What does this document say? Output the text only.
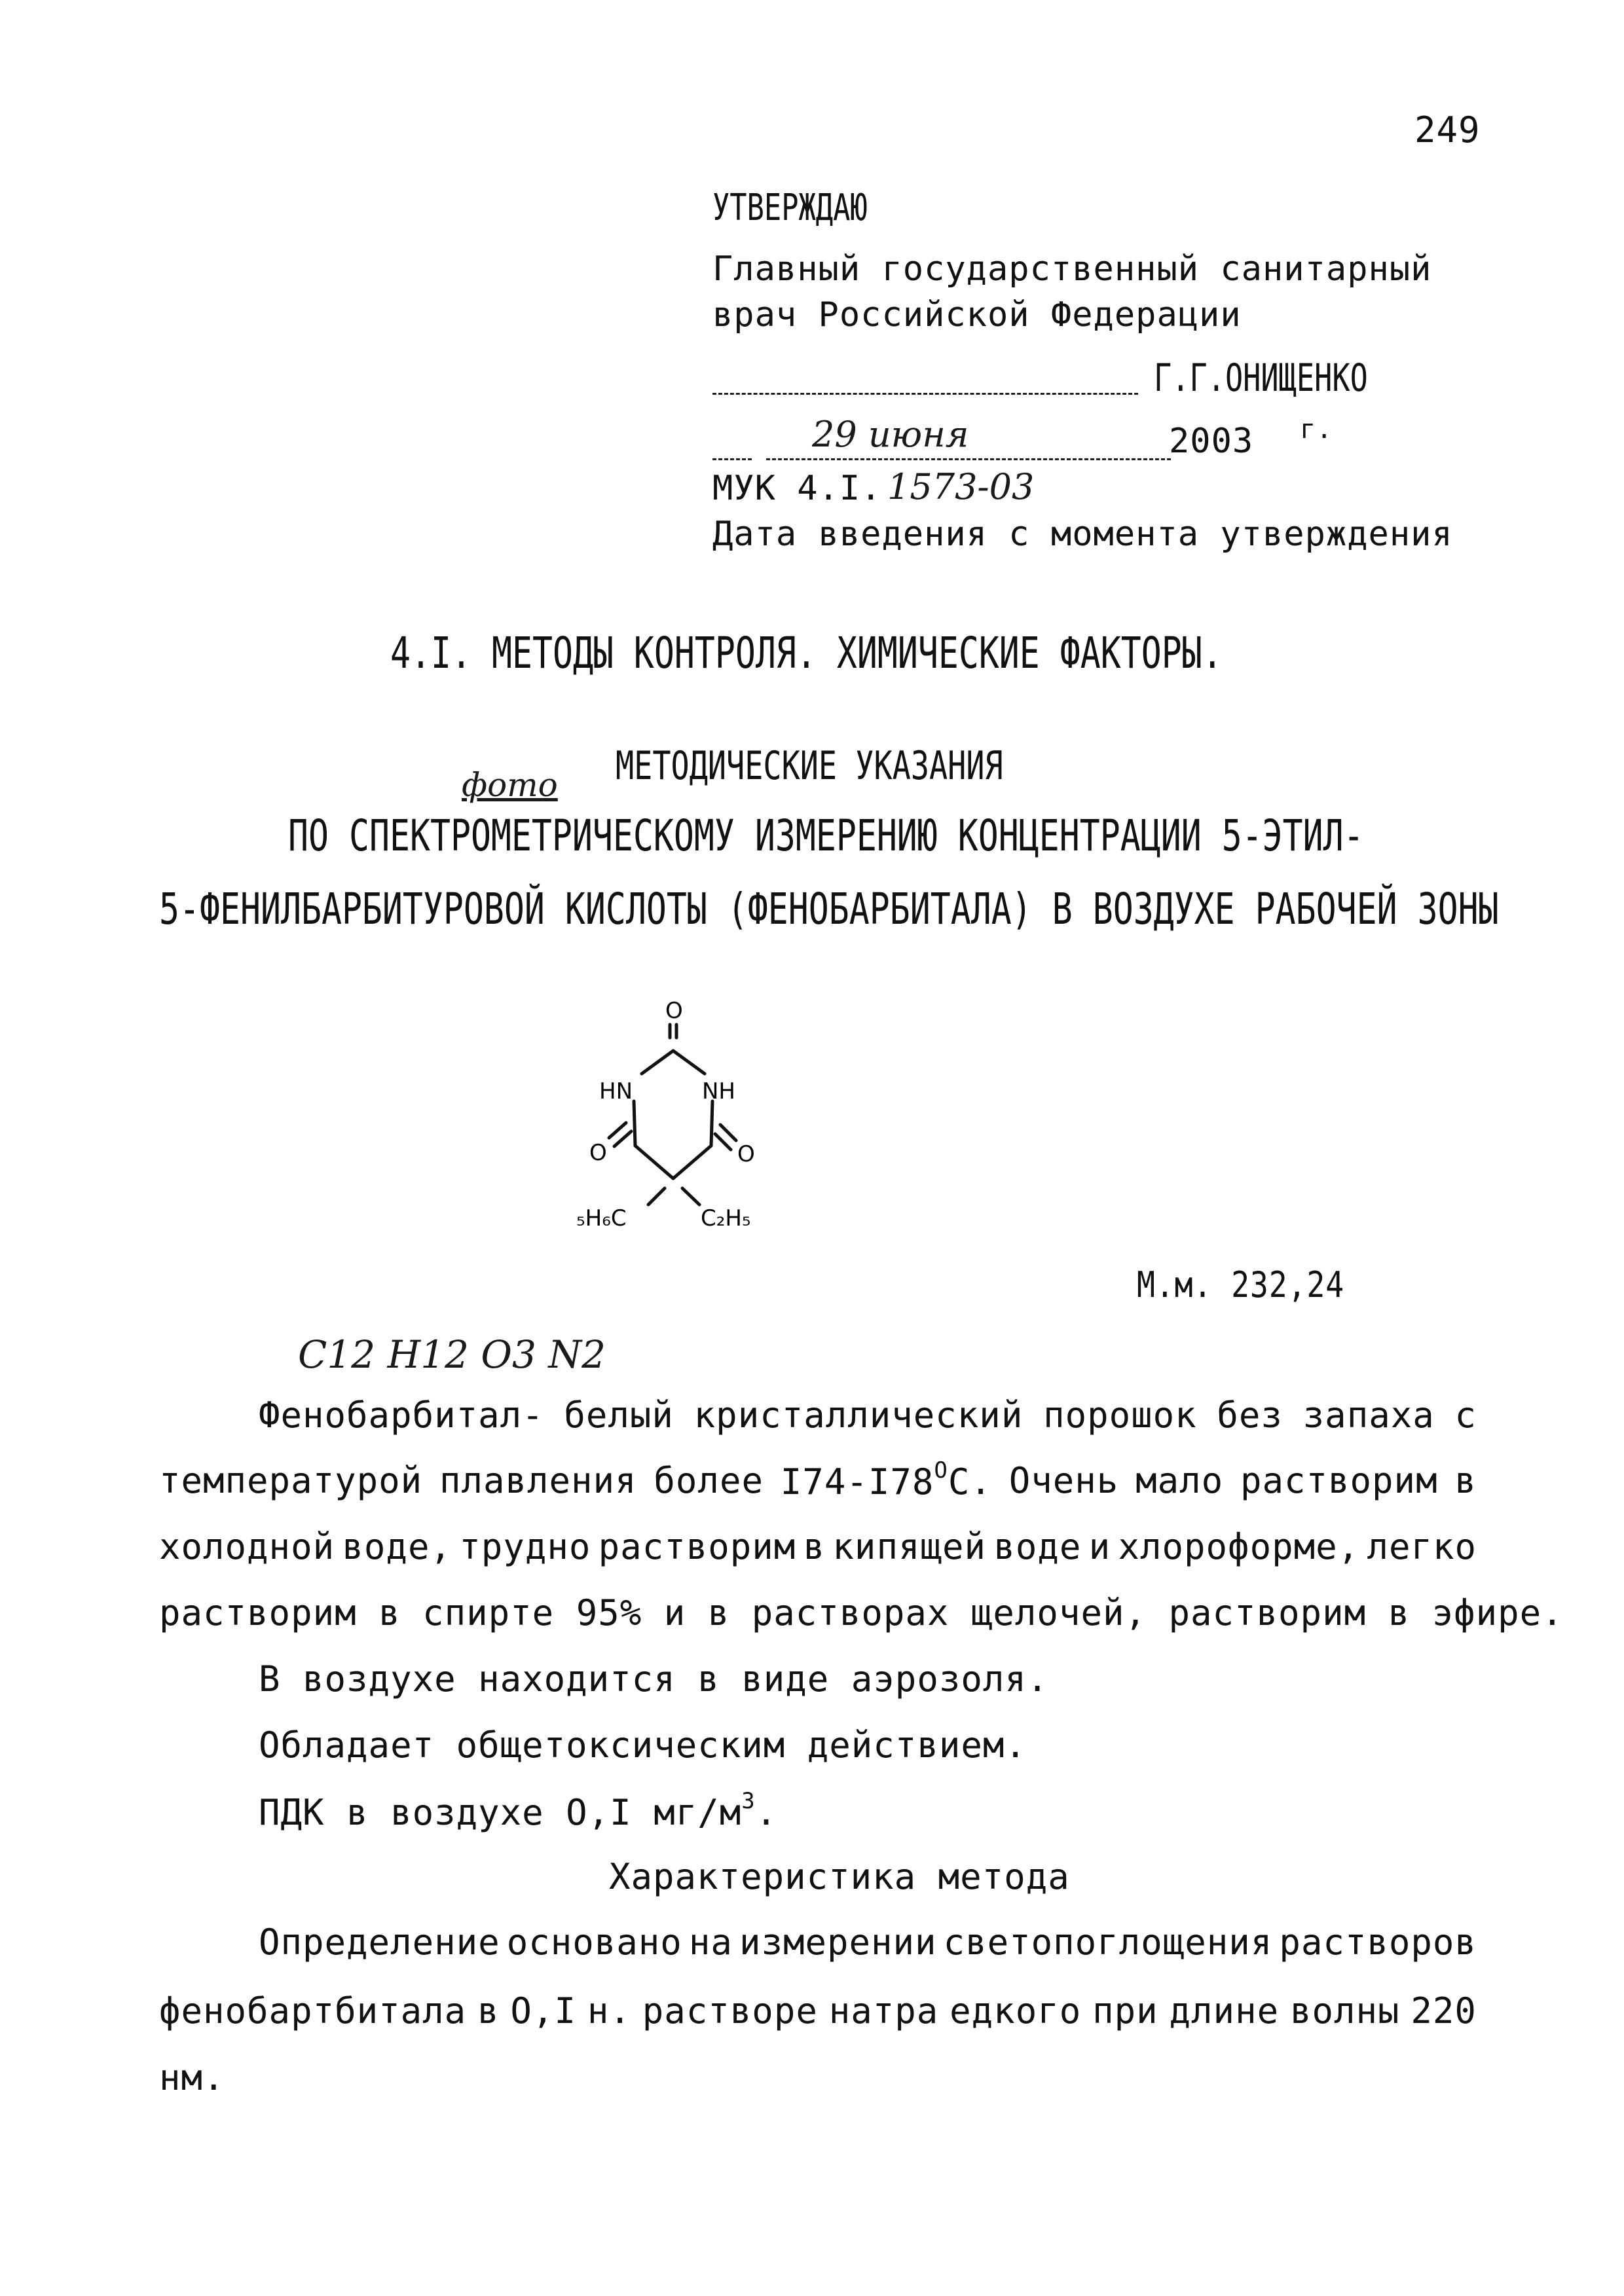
249
УТВЕРЖДАЮ
Главный государственный санитарный
врач Российской Федерации
Г.Г.ОНИЩЕНКО
29 июня	2003 г.
МУК 4.I. 1573-03
Дата введения с момента утверждения
4.I. МЕТОДЫ КОНТРОЛЯ. ХИМИЧЕСКИЕ ФАКТОРЫ.
МЕТОДИЧЕСКИЕ УКАЗАНИЯ
фото
ПО СПЕКТРОМЕТРИЧЕСКОМУ ИЗМЕРЕНИЮ КОНЦЕНТРАЦИИ 5-ЭТИЛ-
5-ФЕНИЛБАРБИТУРОВОЙ КИСЛОТЫ (ФЕНОБАРБИТАЛА) В ВОЗДУХЕ РАБОЧЕЙ ЗОНЫ
O
HN	NH
O	O
₅H₆C	C₂H₅
М.м. 232,24
C12 H12 O3 N2
Фенобарбитал- белый кристаллический порошок без запаха с
температурой плавления более $I74-I78^OC$. Очень мало растворим в
холодной воде, трудно растворим в кипящей воде и хлороформе, легко
растворим в спирте 95% и в растворах щелочей, растворим в эфире.
В воздухе находится в виде аэрозоля.
Обладает общетоксическим действием.
ПДК в воздухе О,I $мг/м^3$.
Характеристика метода
Определение основано на измерении светопоглощения растворов
фенобартбитала в О,I н. растворе натра едкого при длине волны 220
нм.
